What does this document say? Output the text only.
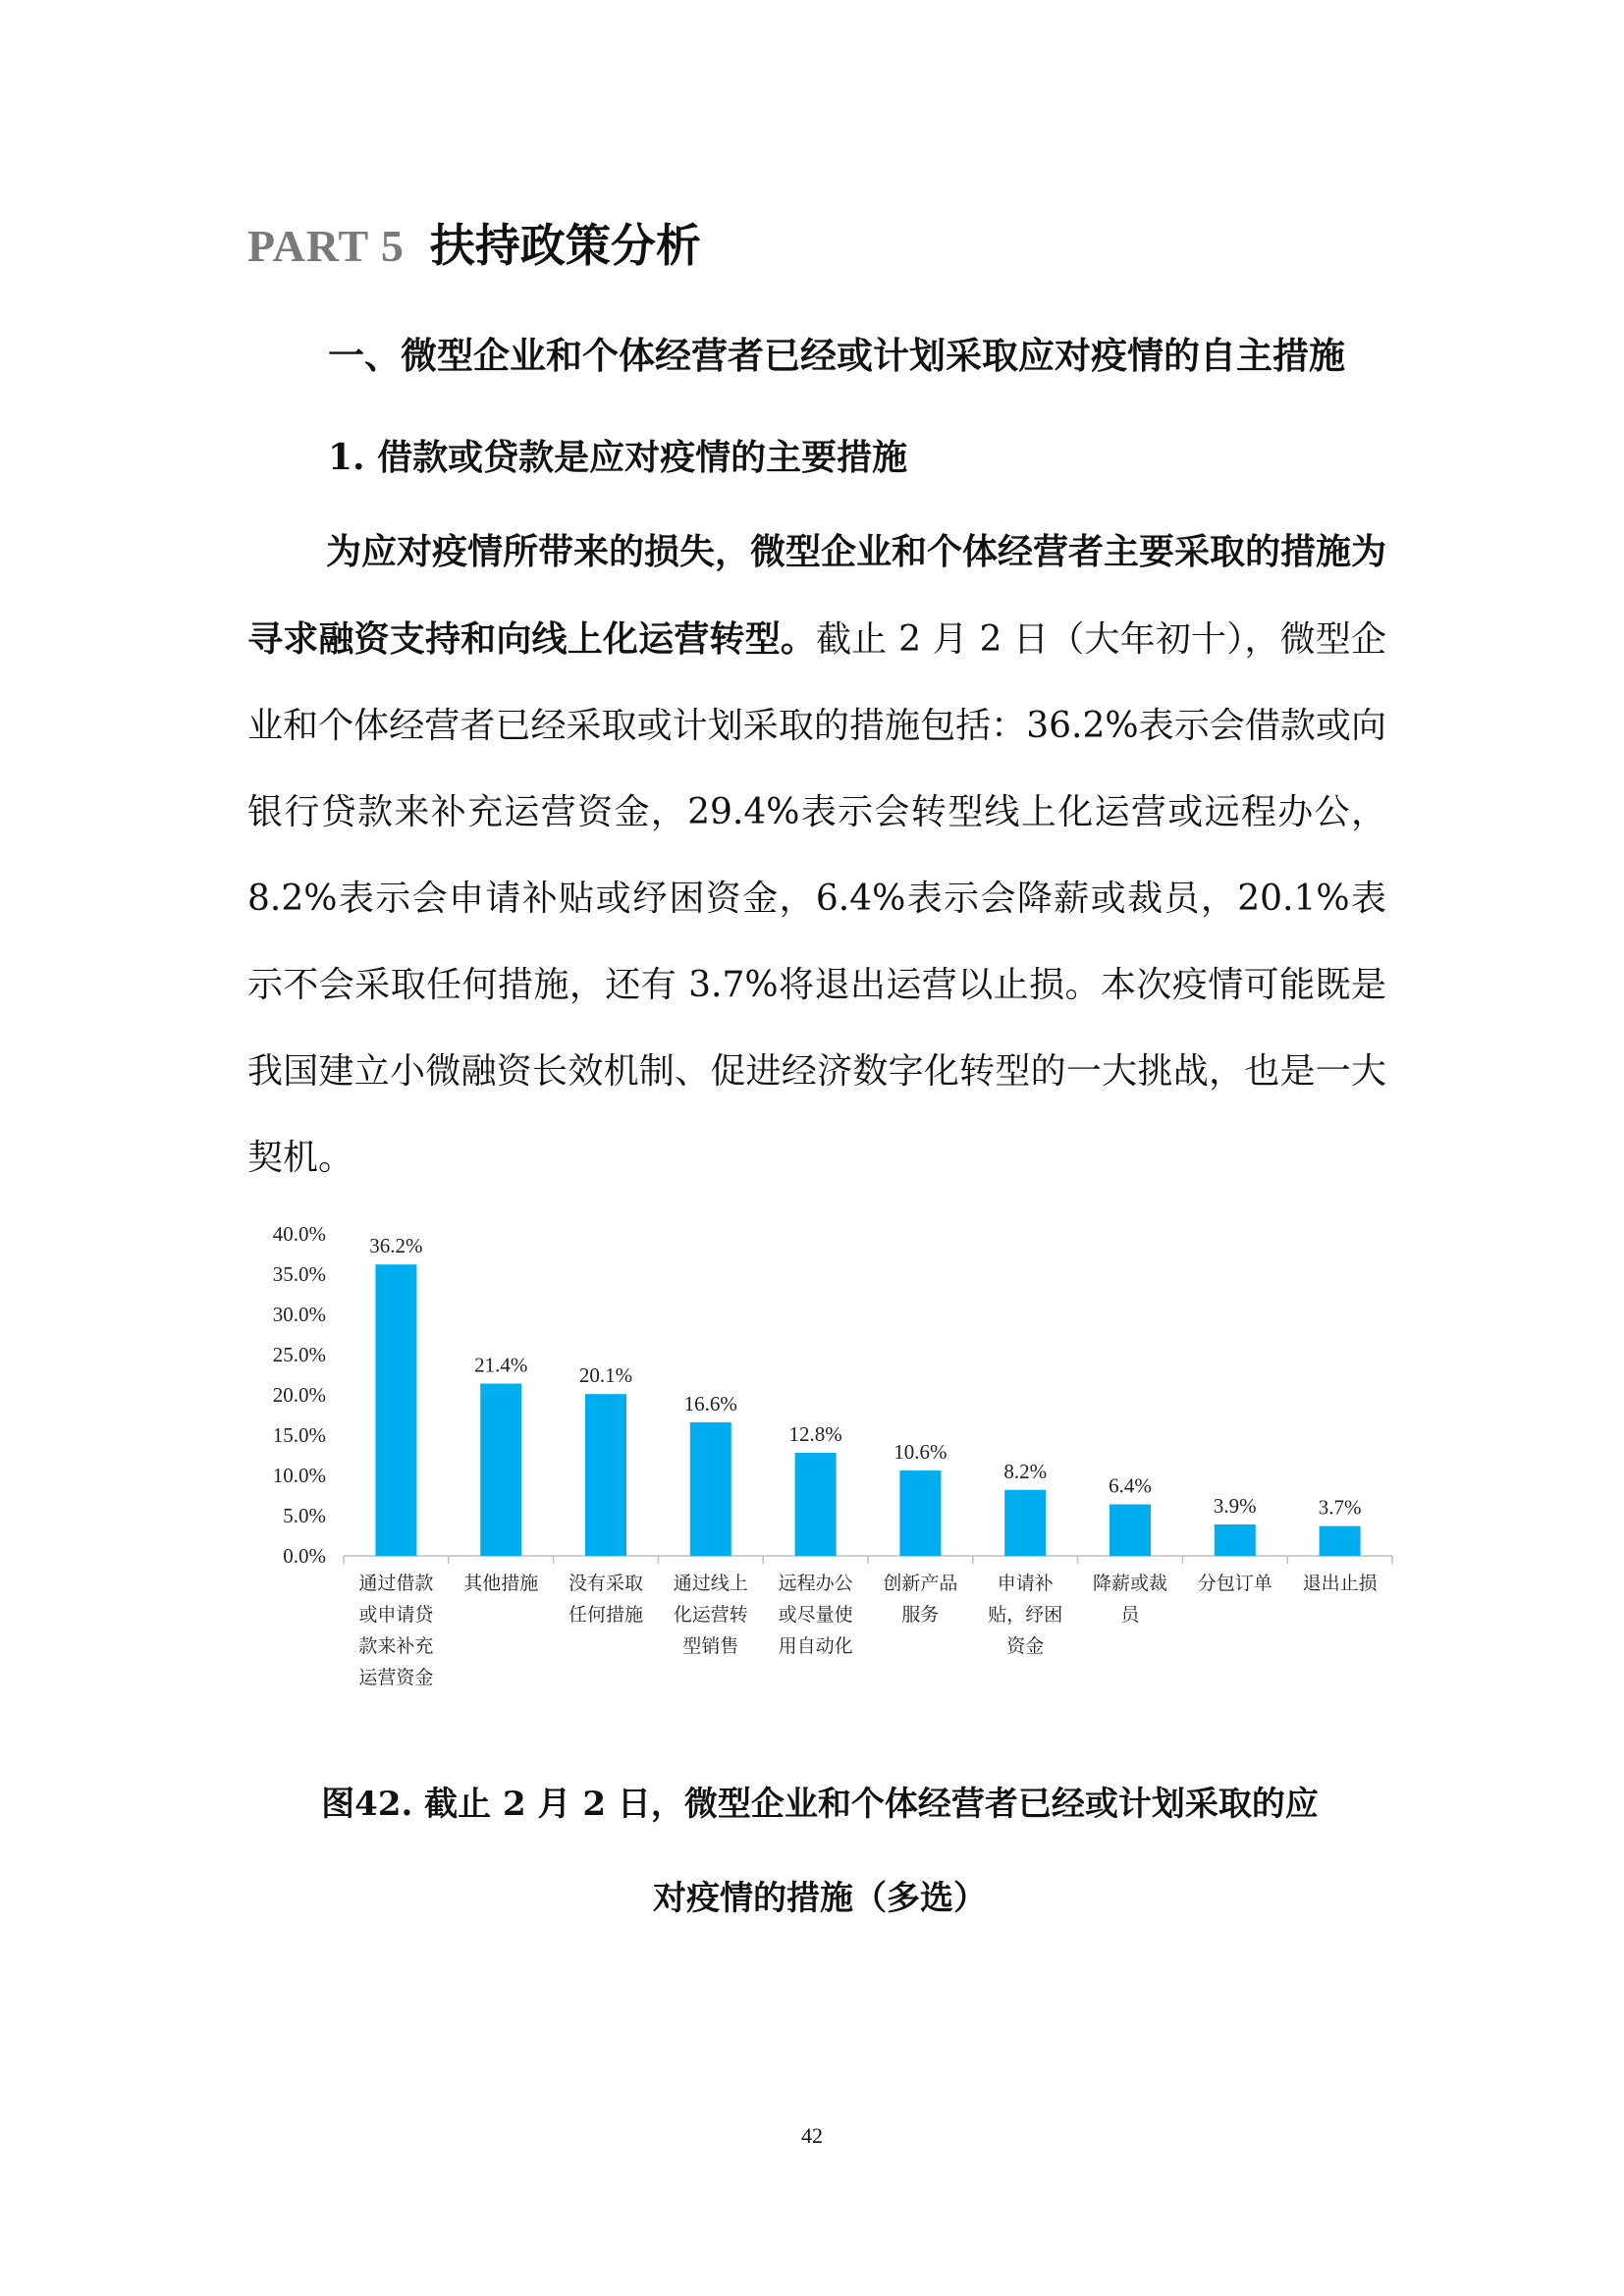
PART 5 扶持政策分析
一、微型企业和个体经营者已经或计划采取应对疫情的自主措施
1. 借款或贷款是应对疫情的主要措施

为应对疫情所带来的损失，微型企业和个体经营者主要采取的措施为寻求融资支持和向线上化运营转型。截止 2 月 2 日（大年初十），微型企业和个体经营者已经采取或计划采取的措施包括：36.2%表示会借款或向银行贷款来补充运营资金，29.4%表示会转型线上化运营或远程办公，8.2%表示会申请补贴或纾困资金，6.4%表示会降薪或裁员，20.1%表示不会采取任何措施，还有 3.7%将退出运营以止损。本次疫情可能既是我国建立小微融资长效机制、促进经济数字化转型的一大挑战，也是一大契机。

0.0%
5.0%
10.0%
15.0%
20.0%
25.0%
30.0%
35.0%
40.0%
36.2%
通过借款或申请贷款来补充运营资金
21.4%
其他措施
20.1%
没有采取任何措施
16.6%
通过线上化运营转型销售
12.8%
远程办公或尽量使用自动化
10.6%
创新产品服务
8.2%
申请补贴，纾困资金
6.4%
降薪或裁员
3.9%
分包订单
3.7%
退出止损
图42. 截止 2 月 2 日，微型企业和个体经营者已经或计划采取的应
对疫情的措施（多选）
42
